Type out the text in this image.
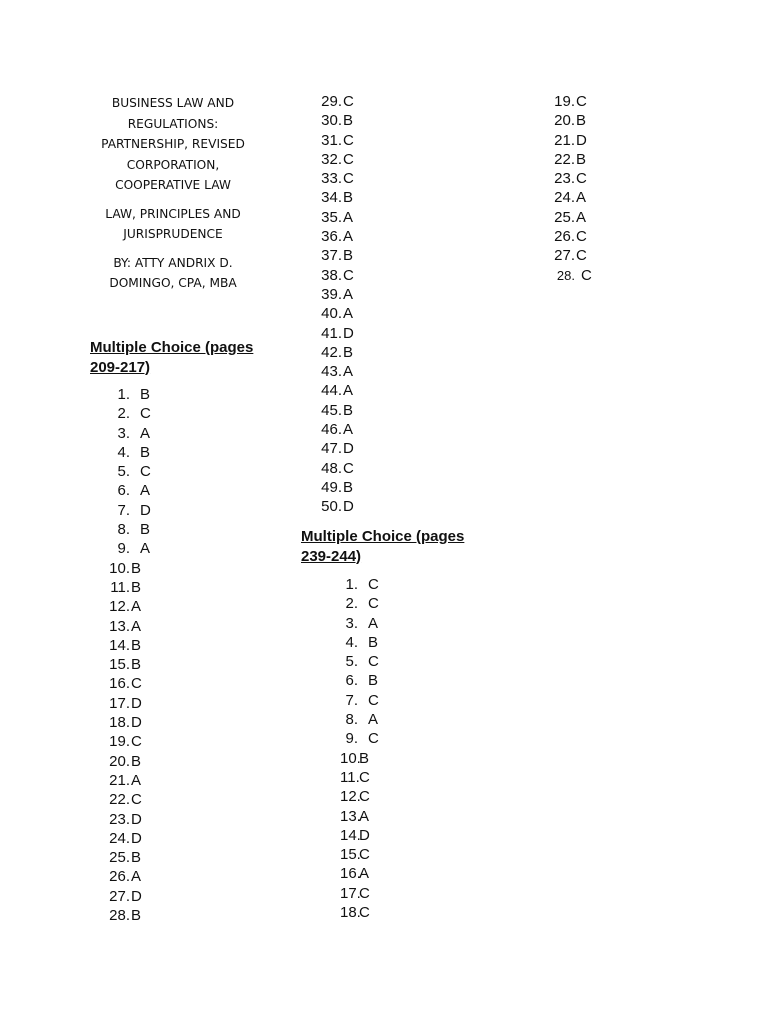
BUSINESS LAW AND
REGULATIONS:
PARTNERSHIP, REVISED
CORPORATION,
COOPERATIVE LAW
LAW, PRINCIPLES AND
JURISPRUDENCE
BY: ATTY ANDRIX D.
DOMINGO, CPA, MBA
Multiple Choice (pages
209-217)
1. B
2. C
3. A
4. B
5. C
6. A
7. D
8. B
9. A
10.B
11.B
12.A
13.A
14.B
15.B
16.C
17.D
18.D
19.C
20.B
21.A
22.C
23.D
24.D
25.B
26.A
27.D
28.B
29.C
30.B
31.C
32.C
33.C
34.B
35.A
36.A
37.B
38.C
39.A
40.A
41.D
42.B
43.A
44.A
45.B
46.A
47.D
48.C
49.B
50.D
Multiple Choice (pages
239-244)
1. C
2. C
3. A
4. B
5. C
6. B
7. C
8. A
9. C
10.B
11.C
12.C
13.A
14.D
15.C
16.A
17.C
18.C
19.C
20.B
21.D
22.B
23.C
24.A
25.A
26.C
27.C
28. C
